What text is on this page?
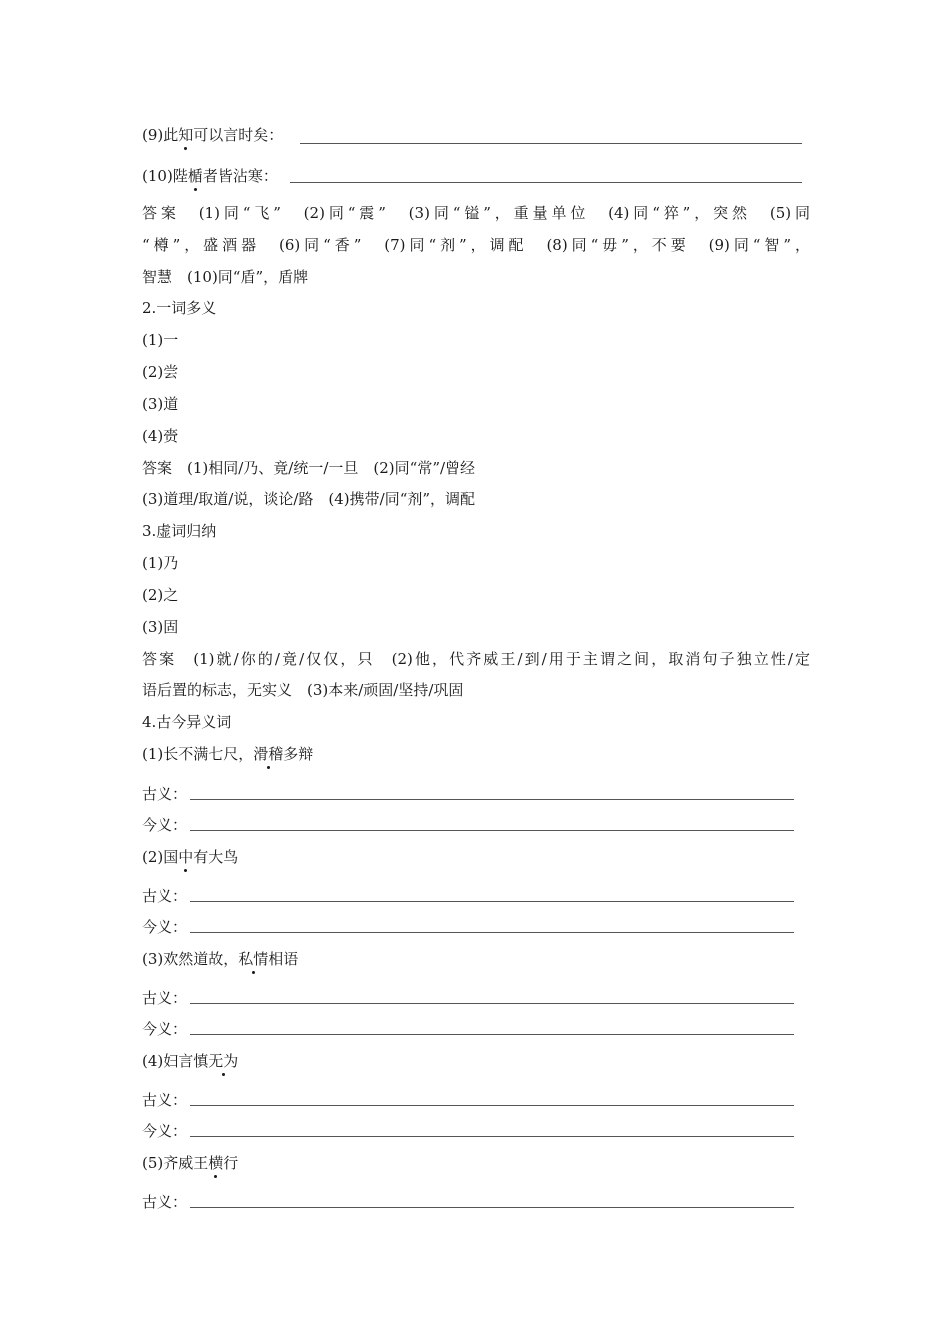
(9)此知可以言时矣：
(10)陛楯者皆沾寒：
答案　(1)同“飞”　(2)同“震”　(3)同“镒”，重量单位　(4)同“猝”，突然　(5)同
“樽”，盛酒器　(6)同“香”　(7)同“剂”，调配　(8)同“毋”，不要　(9)同“智”，
智慧　(10)同“盾”，盾牌
2.一词多义
(1)一
(2)尝
(3)道
(4)赍
答案　(1)相同/乃、竟/统一/一旦　(2)同“常”/曾经
(3)道理/取道/说，谈论/路　(4)携带/同“剂”，调配
3.虚词归纳
(1)乃
(2)之
(3)固
答案　(1)就/你的/竟/仅仅，只　(2)他，代齐威王/到/用于主谓之间，取消句子独立性/定
语后置的标志，无实义　(3)本来/顽固/坚持/巩固
4.古今异义词
(1)长不满七尺，滑稽多辩
古义：
今义：
(2)国中有大鸟
古义：
今义：
(3)欢然道故，私情相语
古义：
今义：
(4)妇言慎无为
古义：
今义：
(5)齐威王横行
古义：
